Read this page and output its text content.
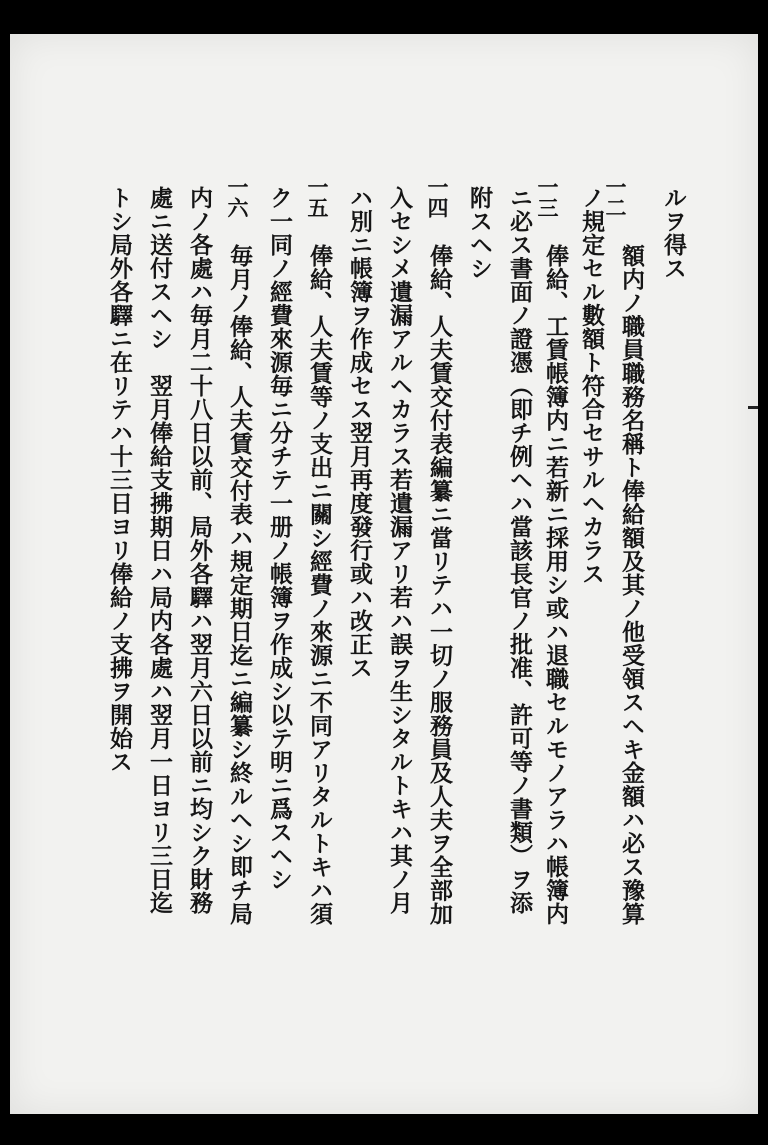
ルヲ得ス
一二
額内ノ職員職務名稱ト俸給額及其ノ他受領スヘキ金額ハ必ス豫算
ノ規定セル數額ト符合セサルヘカラス
一三
俸給、工賃帳簿内ニ若新ニ採用シ或ハ退職セルモノアラハ帳簿内
ニ必ス書面ノ證憑（即チ例ヘハ當該長官ノ批准、許可等ノ書類）ヲ添
附スヘシ
一四
俸給、人夫賃交付表編纂ニ當リテハ一切ノ服務員及人夫ヲ全部加
入セシメ遺漏アルヘカラス若遺漏アリ若ハ誤ヲ生シタルトキハ其ノ月
ハ別ニ帳簿ヲ作成セス翌月再度發行或ハ改正ス
一五
俸給、人夫賃等ノ支出ニ關シ經費ノ來源ニ不同アリタルトキハ須
ク一同ノ經費來源毎ニ分チテ一册ノ帳簿ヲ作成シ以テ明ニ爲スヘシ
一六
毎月ノ俸給、人夫賃交付表ハ規定期日迄ニ編纂シ終ルヘシ即チ局
内ノ各處ハ毎月二十八日以前、局外各驛ハ翌月六日以前ニ均シク財務
處ニ送付スヘシ　翌月俸給支拂期日ハ局内各處ハ翌月一日ヨリ三日迄
トシ局外各驛ニ在リテハ十三日ヨリ俸給ノ支拂ヲ開始ス
